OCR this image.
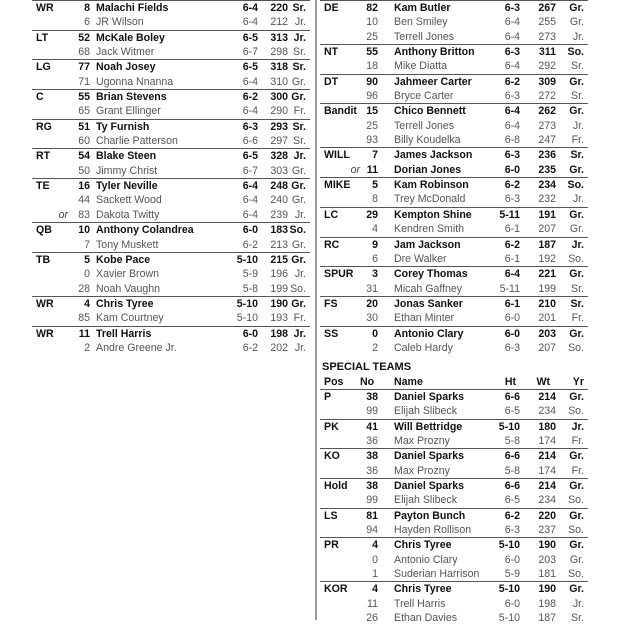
WR	8 Malachi Fields	6-4 220 Sr.
6 JR Wilson	6-4 212 Jr.
LT	52 McKale Boley	6-5 313 Jr.
68 Jack Witmer	6-7 298 Sr.
LG	77 Noah Josey	6-5 318 Sr.
71 Ugonna Nnanna	6-4 310 Gr.
C	55 Brian Stevens	6-2 300 Gr.
65 Grant Ellinger	6-4 290 Fr.
RG 51 Ty Furnish	6-3 293 Sr.
60 Charlie Patterson	6-6 297 Sr.
RT	54 Blake Steen	6-5 328 Jr.
50 Jimmy Christ	6-7 303 Gr.
TE	16 Tyler Neville	6-4 248 Gr.
44 Sackett Wood	6-4 240 Gr.
or 83 Dakota Twitty	6-4 239 Jr.
QB 10 Anthony Colandrea	6-0 183 So.
7 Tony Muskett	6-2 213 Gr.
TB	5 Kobe Pace	5-10 215 Gr.
0 Xavier Brown	5-9 196 Jr.
28 Noah Vaughn	5-8 199 So.
WR	4 Chris Tyree	5-10 190 Gr.
85 Kam Courtney	5-10 193 Fr.
WR 11 Trell Harris	6-0 198 Jr.
2 Andre Greene Jr.	6-2 202 Jr.
DE	82 Kam Butler	6-3 267 Gr.
10 Ben Smiley	6-4 255 Gr.
25 Terrell Jones	6-4 273 Jr.
NT	55 Anthony Britton	6-3 311 So.
18 Mike Diatta	6-4 292 Sr.
DT	90 Jahmeer Carter	6-2 309 Gr.
96 Bryce Carter	6-3 272 Sr.
Bandit 15 Chico Bennett	6-4 262 Gr.
25 Terrell Jones	6-4 273 Jr.
93 Billy Koudelka	6-8 247 Fr.
WILL 7 James Jackson	6-3 236 Sr.
or 11 Dorian Jones	6-0 235 Gr.
MIKE 5 Kam Robinson	6-2 234 So.
8 Trey McDonald	6-3 232 Jr.
LC	29 Kempton Shine	5-11 191 Gr.
4 Kendren Smith	6-1 207 Gr.
RC	9 Jam Jackson	6-2 187 Jr.
6 Dre Walker	6-1 192 So.
SPUR 3 Corey Thomas	6-4 221 Gr.
31 Micah Gaffney	5-11 199 Sr.
FS	20 Jonas Sanker	6-1 210 Sr.
30 Ethan Minter	6-0 201 Fr.
SS	0 Antonio Clary	6-0 203 Gr.
2 Caleb Hardy	6-3 207 So.
SPECIAL TEAMS
Pos No Name	Ht Wt Yr
P	38 Daniel Sparks	6-6 214 Gr.
99 Elijah Slibeck	6-5 234 So.
PK	41 Will Bettridge	5-10 180 Jr.
36 Max Prozny	5-8 174 Fr.
KO 38 Daniel Sparks	6-6 214 Gr.
36 Max Prozny	5-8 174 Fr.
Hold 38 Daniel Sparks	6-6 214 Gr.
99 Elijah Slibeck	6-5 234 So.
LS	81 Payton Bunch	6-2 220 Gr.
94 Hayden Rollison	6-3 237 So.
PR	4 Chris Tyree	5-10 190 Gr.
0 Antonio Clary	6-0 203 Gr.
1 Suderian Harrison 5-9 181 So.
KOR 4 Chris Tyree	5-10 190 Gr.
11 Trell Harris	6-0 198 Jr.
26 Ethan Davies	5-10 187 Sr.
